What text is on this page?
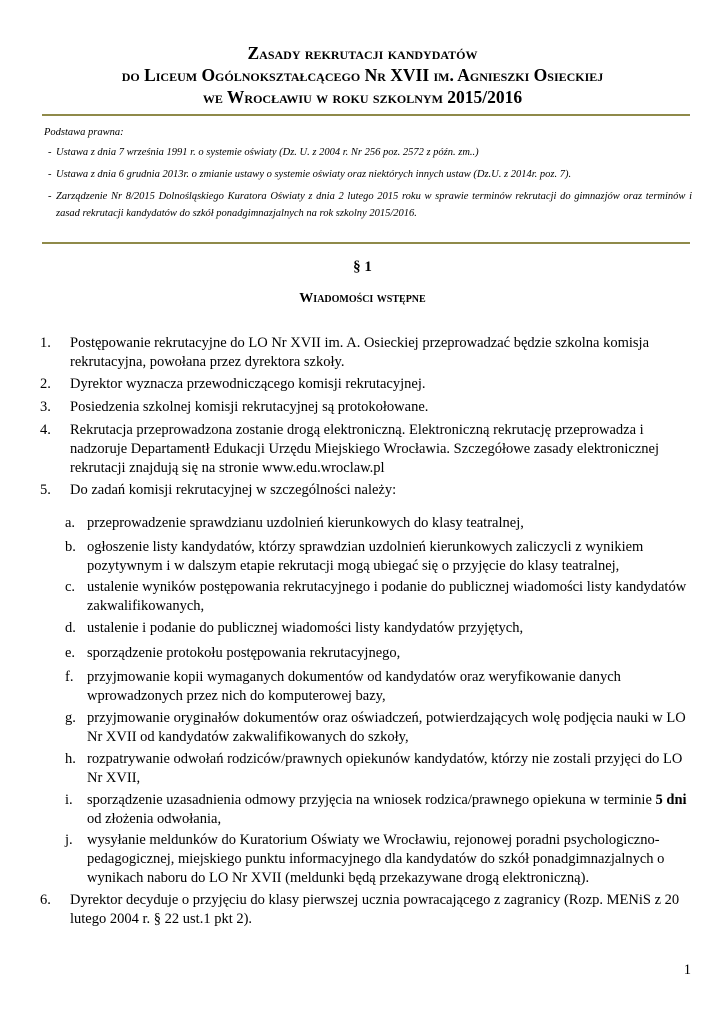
Zasady rekrutacji kandydatów
do Liceum Ogólnokształcącego Nr XVII im. Agnieszki Osieckiej
we Wrocławiu w roku szkolnym 2015/2016
Podstawa prawna:
- Ustawa z dnia 7 września 1991 r. o systemie oświaty (Dz. U. z 2004 r. Nr 256 poz. 2572 z późn. zm..)
- Ustawa z dnia 6 grudnia 2013r. o zmianie ustawy o systemie oświaty oraz niektórych innych ustaw (Dz.U. z 2014r. poz. 7).
- Zarządzenie Nr 8/2015 Dolnośląskiego Kuratora Oświaty z dnia 2 lutego 2015 roku w sprawie terminów rekrutacji do gimnazjów oraz terminów i zasad rekrutacji kandydatów do szkół ponadgimnazjalnych na rok szkolny 2015/2016.
§ 1
Wiadomości wstępne
1. Postępowanie rekrutacyjne do LO Nr XVII im. A. Osieckiej przeprowadzać będzie szkolna komisja rekrutacyjna, powołana przez dyrektora szkoły.
2. Dyrektor wyznacza przewodniczącego komisji rekrutacyjnej.
3. Posiedzenia szkolnej komisji rekrutacyjnej są protokołowane.
4. Rekrutacja przeprowadzona zostanie drogą elektroniczną. Elektroniczną rekrutację przeprowadza i nadzoruje Departamentł Edukacji Urzędu Miejskiego Wrocławia. Szczegółowe zasady elektronicznej rekrutacji znajdują się na stronie www.edu.wroclaw.pl
5. Do zadań komisji rekrutacyjnej w szczególności należy:
a. przeprowadzenie sprawdzianu uzdolnień kierunkowych do klasy teatralnej,
b. ogłoszenie listy kandydatów, którzy sprawdzian uzdolnień kierunkowych zaliczycli z wynikiem pozytywnym i w dalszym etapie rekrutacji mogą ubiegać się o przyjęcie do klasy teatralnej,
c. ustalenie wyników postępowania rekrutacyjnego i podanie do publicznej wiadomości listy kandydatów zakwalifikowanych,
d. ustalenie i podanie do publicznej wiadomości listy kandydatów przyjętych,
e. sporządzenie protokołu postępowania rekrutacyjnego,
f. przyjmowanie kopii wymaganych dokumentów od kandydatów oraz weryfikowanie danych wprowadzonych przez nich do komputerowej bazy,
g. przyjmowanie oryginałów dokumentów oraz oświadczeń, potwierdzających wolę podjęcia nauki w LO Nr XVII od kandydatów zakwalifikowanych do szkoły,
h. rozpatrywanie odwołań rodziców/prawnych opiekunów kandydatów, którzy nie zostali przyjęci do LO Nr XVII,
i. sporządzenie uzasadnienia odmowy przyjęcia na wniosek rodzica/prawnego opiekuna w terminie 5 dni od złożenia odwołania,
j. wysyłanie meldunków do Kuratorium Oświaty we Wrocławiu, rejonowej poradni psychologiczno-pedagogicznej, miejskiego punktu informacyjnego dla kandydatów do szkół ponadgimnazjalnych o wynikach naboru do LO Nr XVII (meldunki będą przekazywane drogą elektroniczną).
6. Dyrektor decyduje o przyjęciu do klasy pierwszej ucznia powracającego z zagranicy (Rozp. MENiS z 20 lutego 2004 r. § 22 ust.1 pkt 2).
1
